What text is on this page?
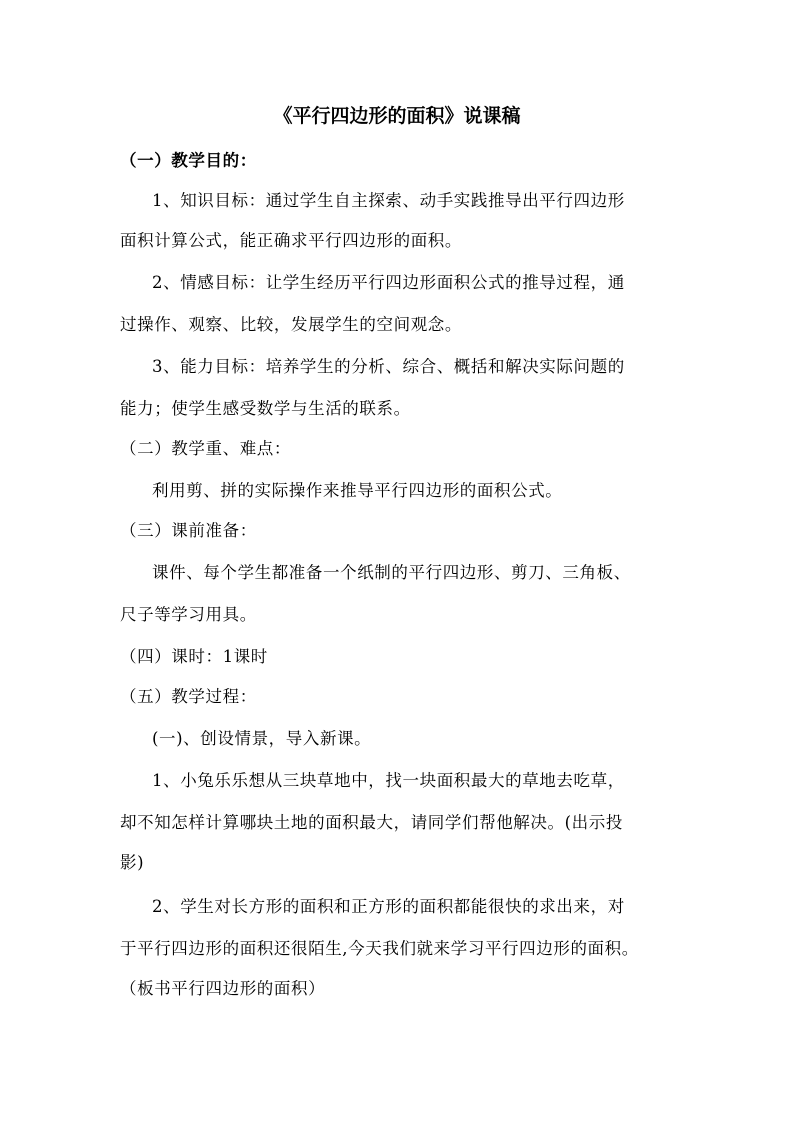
《平行四边形的面积》说课稿
（一）教学目的：
1、知识目标：通过学生自主探索、动手实践推导出平行四边形
面积计算公式，能正确求平行四边形的面积。
2、情感目标：让学生经历平行四边形面积公式的推导过程，通
过操作、观察、比较，发展学生的空间观念。
3、能力目标：培养学生的分析、综合、概括和解决实际问题的
能力；使学生感受数学与生活的联系。
（二）教学重、难点：
利用剪、拼的实际操作来推导平行四边形的面积公式。
（三）课前准备：
课件、每个学生都准备一个纸制的平行四边形、剪刀、三角板、
尺子等学习用具。
（四）课时：1课时
（五）教学过程：
(一)、创设情景，导入新课。
1、小兔乐乐想从三块草地中，找一块面积最大的草地去吃草，
却不知怎样计算哪块土地的面积最大，请同学们帮他解决。(出示投
影)
2、学生对长方形的面积和正方形的面积都能很快的求出来，对
于平行四边形的面积还很陌生,今天我们就来学习平行四边形的面积。
（板书平行四边形的面积）
